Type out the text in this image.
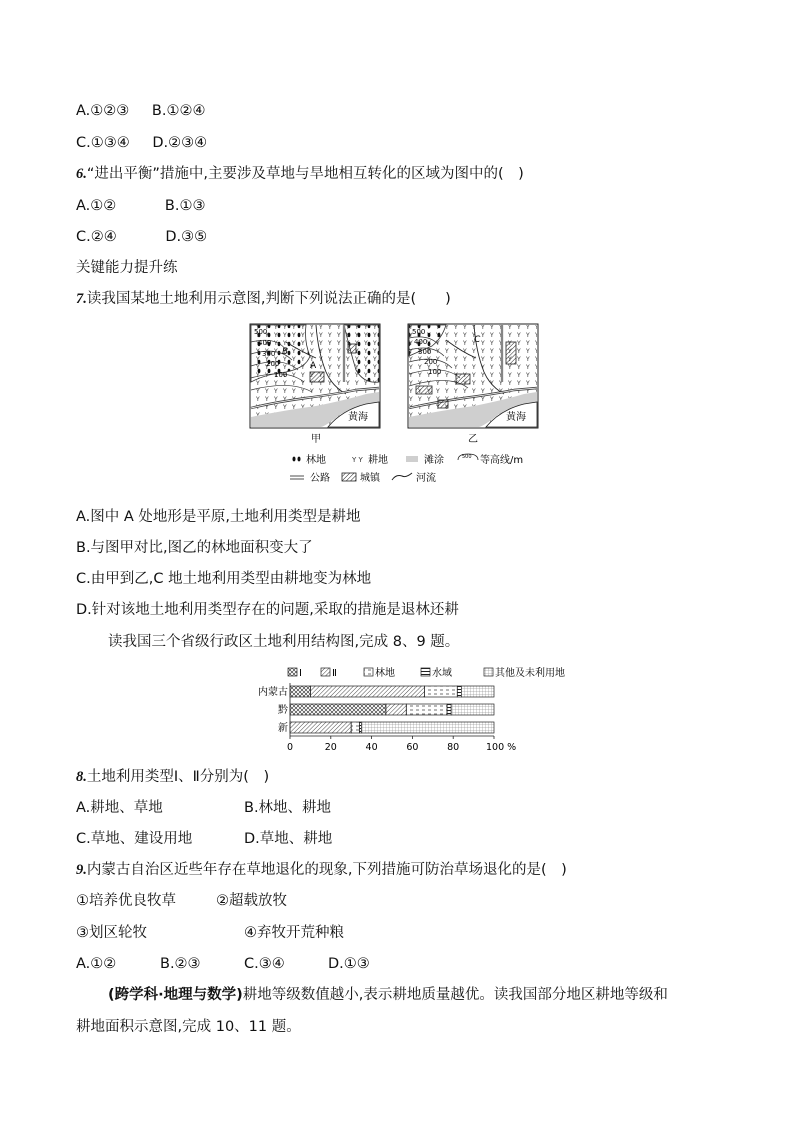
A.①②③ B.①②④
C.①③④ D.②③④
6.“进出平衡”措施中,主要涉及草地与旱地相互转化的区域为图中的(　)
A.①②	B.①③
C.②④	D.③⑤
关键能力提升练
7.读我国某地土地利用示意图,判断下列说法正确的是(　　)
500
400
300
200
100
B
A
黄海
甲
500
400
300
200
100
C
黄海
乙
林地	Y Y 耕地	滩涂	500 等高线/m
公路	城镇	河流
A.图中 A 处地形是平原,土地利用类型是耕地
B.与图甲对比,图乙的林地面积变大了
C.由甲到乙,C 地土地利用类型由耕地变为林地
D.针对该地土地利用类型存在的问题,采取的措施是退林还耕
读我国三个省级行政区土地利用结构图,完成 8、9 题。
Ⅰ	Ⅱ	林地	水域	其他及未利用地
内蒙古
黔
新
0	20	40	60	80	100 %
8.土地利用类型Ⅰ、Ⅱ分别为(　)
A.耕地、草地	B.林地、耕地
C.草地、建设用地	D.草地、耕地
9.内蒙古自治区近些年存在草地退化的现象,下列措施可防治草场退化的是(　)
①培养优良牧草	②超载放牧
③划区轮牧	④弃牧开荒种粮
A.①②	B.②③	C.③④	D.①③
(跨学科·地理与数学)耕地等级数值越小,表示耕地质量越优。读我国部分地区耕地等级和
耕地面积示意图,完成 10、11 题。
